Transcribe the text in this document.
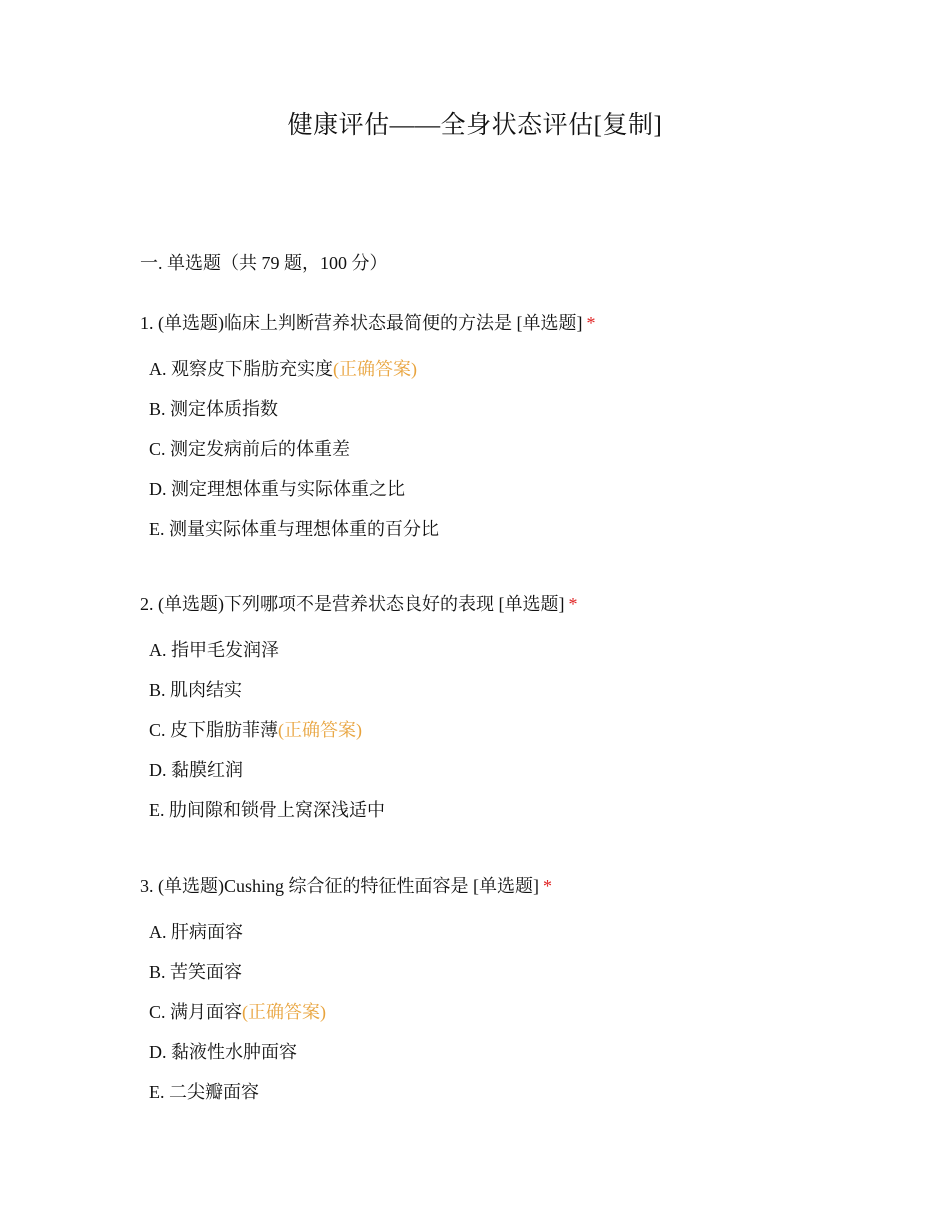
健康评估——全身状态评估[复制]
一. 单选题（共 79 题，100 分）
1. (单选题)临床上判断营养状态最简便的方法是 [单选题] *
A. 观察皮下脂肪充实度(正确答案)
B. 测定体质指数
C. 测定发病前后的体重差
D. 测定理想体重与实际体重之比
E. 测量实际体重与理想体重的百分比
2. (单选题)下列哪项不是营养状态良好的表现 [单选题] *
A. 指甲毛发润泽
B. 肌肉结实
C. 皮下脂肪菲薄(正确答案)
D. 黏膜红润
E. 肋间隙和锁骨上窝深浅适中
3. (单选题)Cushing 综合征的特征性面容是 [单选题] *
A. 肝病面容
B. 苦笑面容
C. 满月面容(正确答案)
D. 黏液性水肿面容
E. 二尖瓣面容
